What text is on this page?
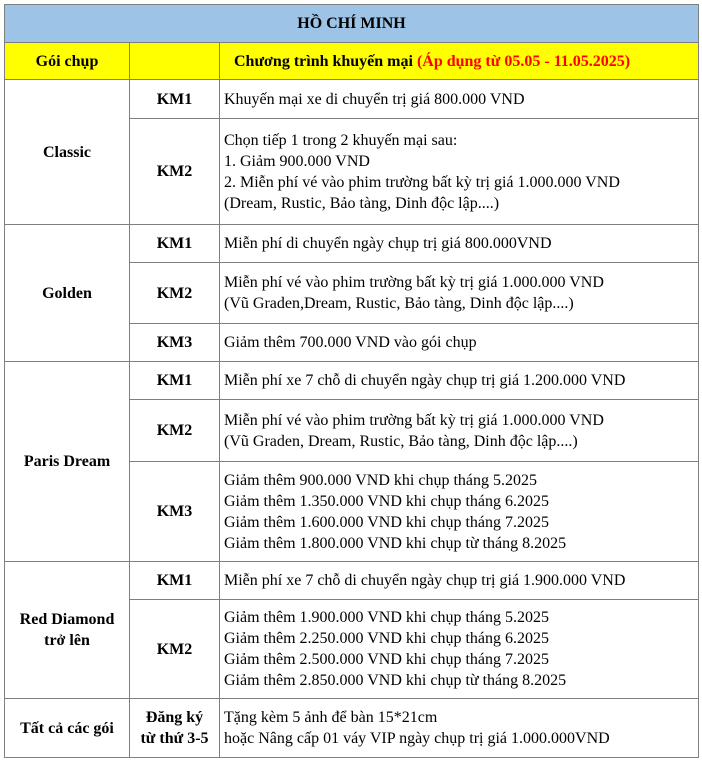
HỒ CHÍ MINH		
Gói chụp		Chương trình khuyến mại (Áp dụng từ 05.05 - 11.05.2025)
Classic	KM1	Khuyến mại xe di chuyển trị giá 800.000 VND

	KM2	Chọn tiếp 1 trong 2 khuyến mại sau:
1. Giảm 900.000 VND
2. Miễn phí vé vào phim trường bất kỳ trị giá 1.000.000 VND
(Dream, Rustic, Bảo tàng, Dinh độc lập....)

Golden	KM1	Miễn phí di chuyển ngày chụp trị giá 800.000VND

	KM2	Miễn phí vé vào phim trường bất kỳ trị giá 1.000.000 VND
(Vũ Graden,Dream, Rustic, Bảo tàng, Dinh độc lập....)

	KM3	Giảm thêm 700.000 VND vào gói chụp

Paris Dream	KM1	Miễn phí xe 7 chỗ di chuyển ngày chụp trị giá 1.200.000 VND

	KM2	Miễn phí vé vào phim trường bất kỳ trị giá 1.000.000 VND
(Vũ Graden, Dream, Rustic, Bảo tàng, Dinh độc lập....)

	KM3	Giảm thêm 900.000 VND khi chụp tháng 5.2025
Giảm thêm 1.350.000 VND khi chụp tháng 6.2025
Giảm thêm 1.600.000 VND khi chụp tháng 7.2025
Giảm thêm 1.800.000 VND khi chụp từ tháng 8.2025

Red Diamond
trở lên	KM1	Miễn phí xe 7 chỗ di chuyển ngày chụp trị giá 1.900.000 VND

	KM2	Giảm thêm 1.900.000 VND khi chụp tháng 5.2025
Giảm thêm 2.250.000 VND khi chụp tháng 6.2025
Giảm thêm 2.500.000 VND khi chụp tháng 7.2025
Giảm thêm 2.850.000 VND khi chụp từ tháng 8.2025

Tất cả các gói	Đăng ký
từ thứ 3-5	Tặng kèm 5 ảnh để bàn 15*21cm
hoặc Nâng cấp 01 váy VIP ngày chụp trị giá 1.000.000VND
